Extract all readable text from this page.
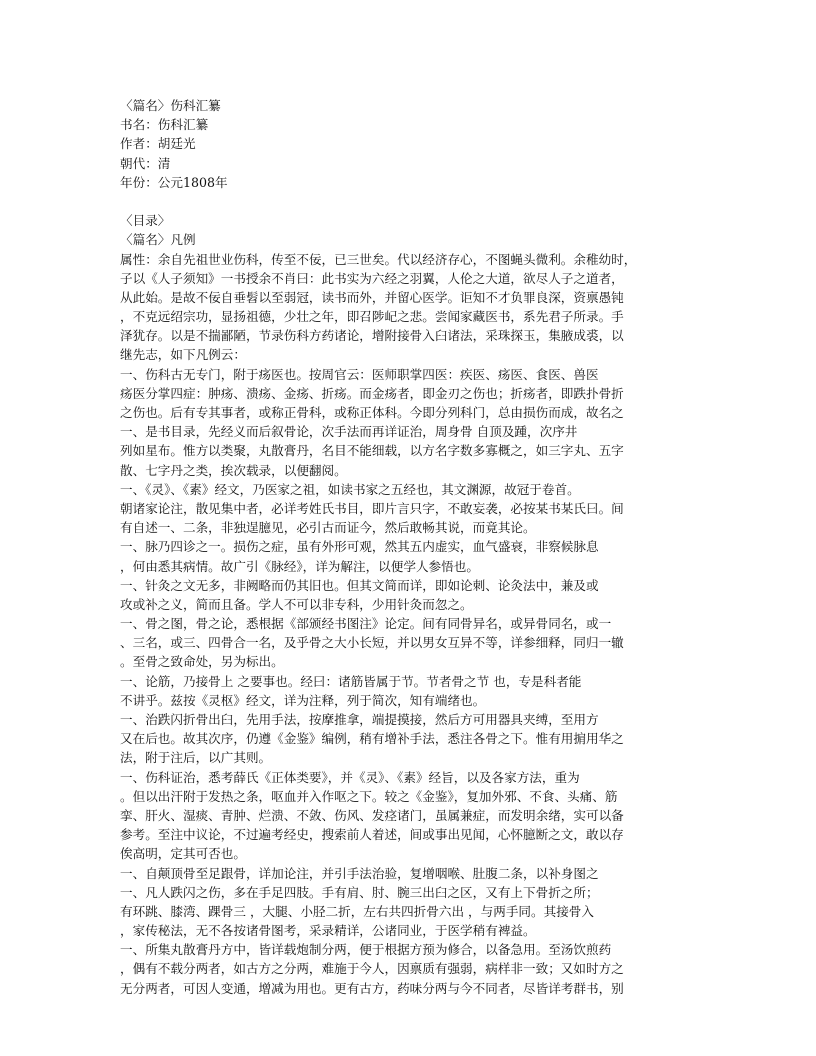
〈篇名〉伤科汇纂
书名：伤科汇纂
作者：胡廷光
朝代：清
年份：公元1808年
〈目录〉
〈篇名〉凡例
属性：余自先祖世业伤科，传至不佞，已三世矣。代以经济存心，不图蝇头微利。余稚幼时，
子以《人子须知》一书授余不肖曰：此书实为六经之羽翼，人伦之大道，欲尽人子之道者，
从此始。是故不佞自垂髫以至弱冠，读书而外，并留心医学。讵知不才负罪良深，资禀愚钝
，不克远绍宗功，显扬祖德，少壮之年，即召陟屺之悲。尝闻家藏医书，系先君子所录。手
泽犹存。以是不揣鄙陋，节录伤科方药诸论，增附接骨入臼诸法，采珠探玉，集腋成裘，以
继先志，如下凡例云：
一、伤科古无专门，附于疡医也。按周官云：医师职掌四医：疾医、疡医、食医、兽医
疡医分掌四症：肿疡、溃疡、金疡、折疡。而金疡者，即金刃之伤也；折疡者，即跌扑骨折
之伤也。后有专其事者，或称正骨科，或称正体科。今即分列科门，总由损伤而成，故名之
一、是书目录，先经义而后叙骨论，次手法而再详证治，周身骨 自顶及踵，次序井
列如星布。惟方以类聚，丸散膏丹，名目不能细载，以方名字数多寡概之，如三字丸、五字
散、七字丹之类，挨次载录，以便翻阅。
一、《灵》、《素》经文，乃医家之祖，如读书家之五经也，其文渊源，故冠于卷首。
朝诸家论注，散见集中者，必详考姓氏书目，即片言只字，不敢妄袭，必按某书某氏曰。间
有自述一、二条，非独逞臆见，必引古而证今，然后敢畅其说，而竟其论。
一、脉乃四诊之一。损伤之症，虽有外形可观，然其五内虚实，血气盛衰，非察候脉息
，何由悉其病情。故广引《脉经》，详为解注，以便学人参悟也。
一、针灸之文无多，非阙略而仍其旧也。但其文简而详，即如论刺、论灸法中，兼及或
攻或补之义，简而且备。学人不可以非专科，少用针灸而忽之。
一、骨之图，骨之论，悉根据《部颁经书图注》论定。间有同骨异名，或异骨同名，或一
、三名，或三、四骨合一名，及乎骨之大小长短，并以男女互异不等，详参细释，同归一辙
。至骨之致命处，另为标出。
一、论筋，乃接骨上 之要事也。经曰：诸筋皆属于节。节者骨之节 也，专是科者能
不讲乎。兹按《灵枢》经文，详为注释，列于简次，知有端绪也。
一、治跌闪折骨出臼，先用手法，按摩推拿，端提摸接，然后方可用器具夹缚，至用方
又在后也。故其次序，仍遵《金鉴》编例，稍有增补手法，悉注各骨之下。惟有用掮用华之
法，附于注后，以广其则。
一、伤科证治，悉考薛氏《正体类要》，并《灵》、《素》经旨，以及各家方法，重为
。但以出汗附于发热之条，呕血并入作呕之下。较之《金鉴》，复加外邪、不食、头痛、筋
挛、肝火、湿痰、青肿、烂溃、不敛、伤风、发痉诸门，虽属兼症，而发明余绪，实可以备
参考。至注中议论，不过遍考经史，搜索前人着述，间或事出见闻，心怀臆断之文，敢以存
俟高明，定其可否也。
一、自颠顶骨至足跟骨，详加论注，并引手法治验，复增咽喉、肚腹二条，以补身图之
一、凡人跌闪之伤，多在手足四肢。手有肩、肘、腕三出臼之区，又有上下骨折之所；
有环跳、膝湾、踝骨三 ，大腿、小胫二折，左右共四折骨六出 ，与两手同。其接骨入
，家传秘法，无不各按诸骨图考，采录精详，公诸同业，于医学稍有裨益。
一、所集丸散膏丹方中，皆详载炮制分两，便于根据方预为修合，以备急用。至汤饮煎药
，偶有不载分两者，如古方之分两，难施于今人，因禀质有强弱，病样非一致；又如时方之
无分两者，可因人变通，增减为用也。更有古方，药味分两与今不同者，尽皆详考群书，别
